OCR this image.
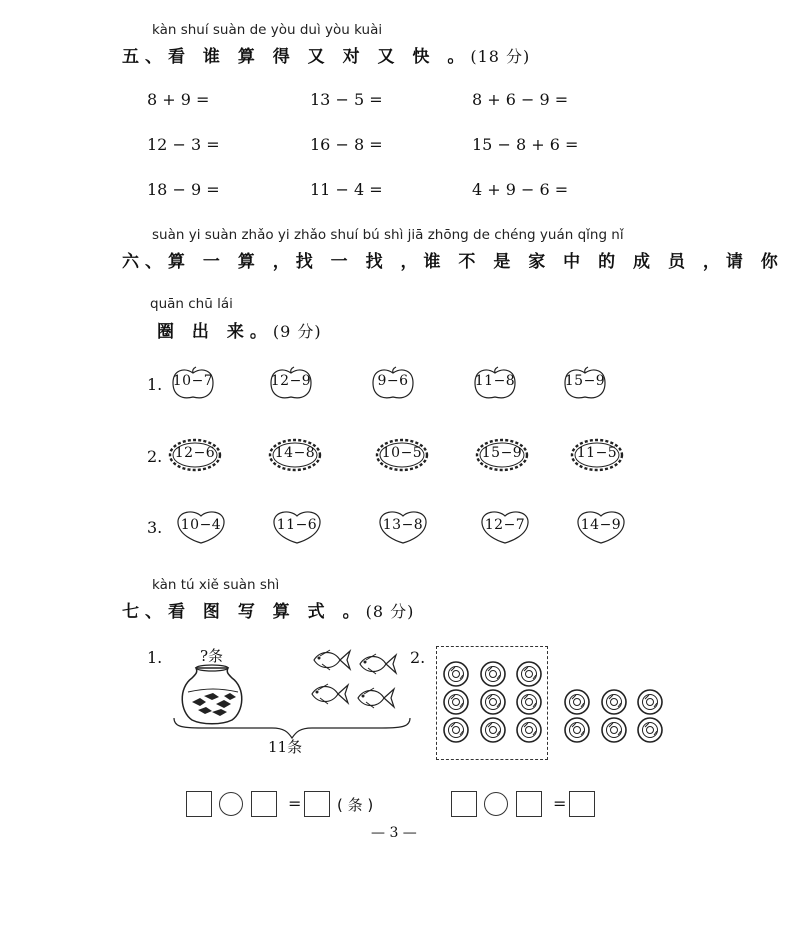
kàn shuí suàn de yòu duì yòu kuài
五、看 谁 算 得 又 对 又 快 。(18 分)
8 + 9 =	13 − 5 =	8 + 6 − 9 =
12 − 3 =	16 − 8 =	15 − 8 + 6 =
18 − 9 =	11 − 4 =	4 + 9 − 6 =
suàn yi suàn zhǎo yi zhǎo shuí bú shì jiā zhōng de chéng yuán qǐng nǐ
六、算 一 算 ，找 一 找 ，谁 不 是 家 中 的 成 员 ，请 你
quān chū lái
圈 出 来。(9 分)
1. 10−7	12−9	9−6	11−8	15−9
2. 12−6	14−8	10−5	15−9	11−5
3.	10−4	11−6	13−8	12−7	14−9
kàn tú xiě suàn shì
七、看 图 写 算 式 。(8 分)
1.	?条
11条
2.
= ( 条 )	=
— 3 —
